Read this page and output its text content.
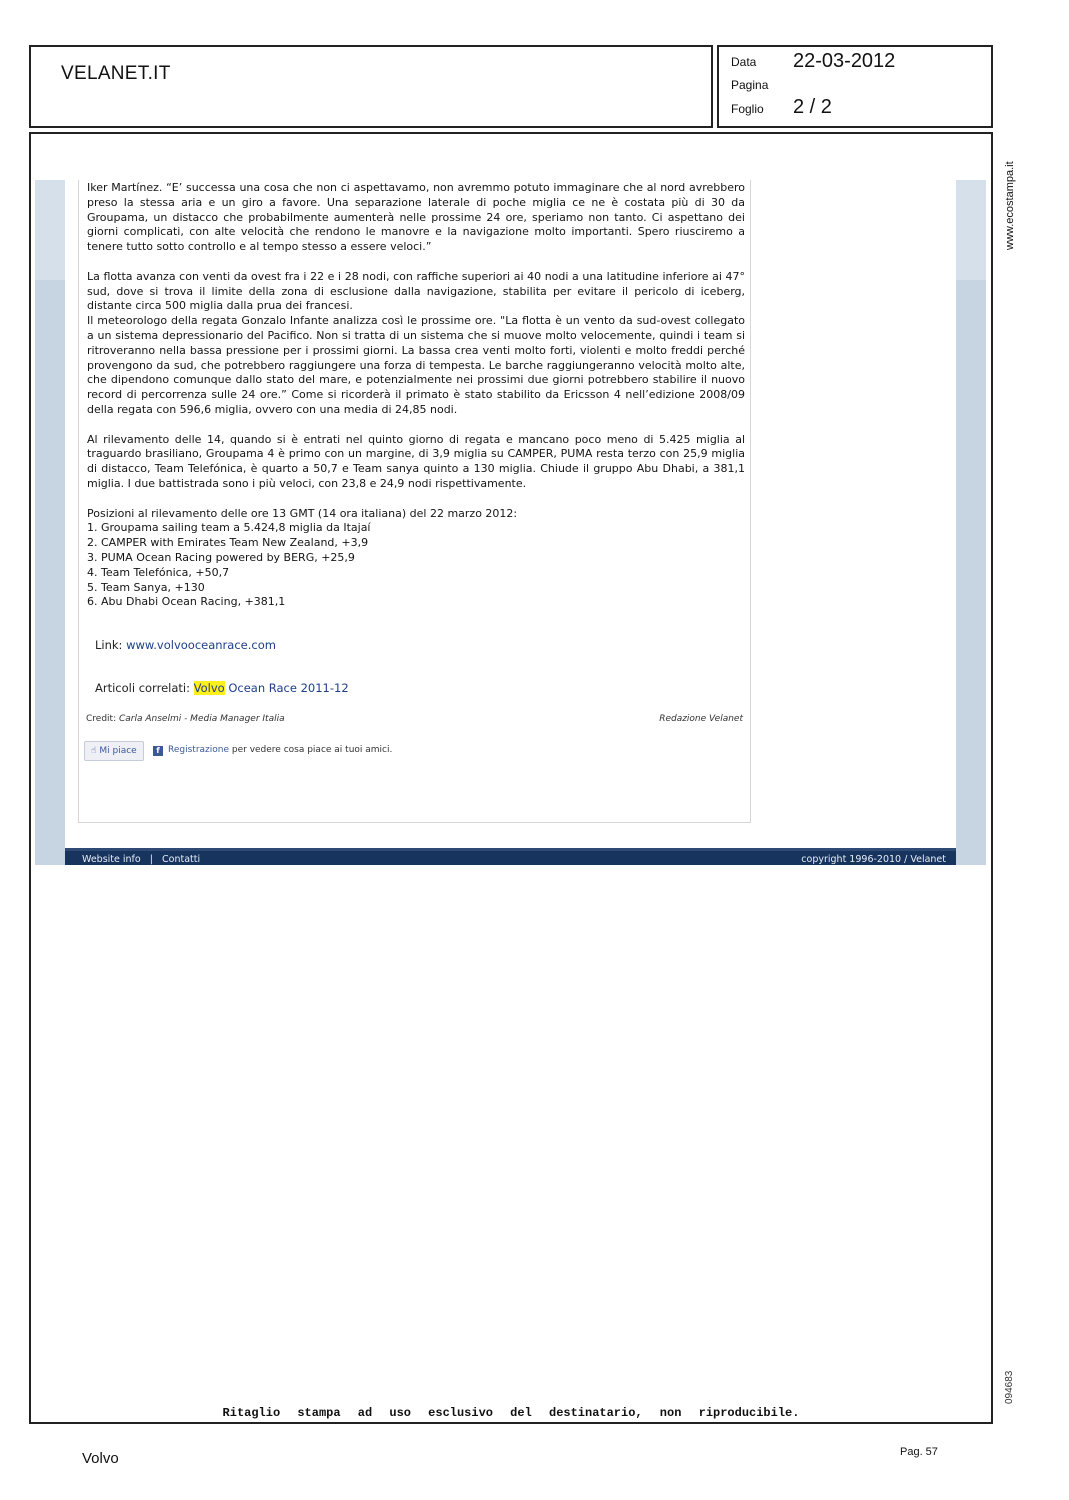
VELANET.IT
Data 22-03-2012
Pagina
Foglio 2 / 2
www.ecostampa.it
094683

Iker Martínez. “E’ successa una cosa che non ci aspettavamo, non avremmo potuto immaginare che al nord avrebbero preso la stessa aria e un giro a favore. Una separazione laterale di poche miglia ce ne è costata più di 30 da Groupama, un distacco che probabilmente aumenterà nelle prossime 24 ore, speriamo non tanto. Ci aspettano dei giorni complicati, con alte velocità che rendono le manovre e la navigazione molto importanti. Spero riusciremo a tenere tutto sotto controllo e al tempo stesso a essere veloci.”

La flotta avanza con venti da ovest fra i 22 e i 28 nodi, con raffiche superiori ai 40 nodi a una latitudine inferiore ai 47° sud, dove si trova il limite della zona di esclusione dalla navigazione, stabilita per evitare il pericolo di iceberg, distante circa 500 miglia dalla prua dei francesi.

Il meteorologo della regata Gonzalo Infante analizza così le prossime ore. "La flotta è un vento da sud-ovest collegato a un sistema depressionario del Pacifico. Non si tratta di un sistema che si muove molto velocemente, quindi i team si ritroveranno nella bassa pressione per i prossimi giorni. La bassa crea venti molto forti, violenti e molto freddi perché provengono da sud, che potrebbero raggiungere una forza di tempesta. Le barche raggiungeranno velocità molto alte, che dipendono comunque dallo stato del mare, e potenzialmente nei prossimi due giorni potrebbero stabilire il nuovo record di percorrenza sulle 24 ore.” Come si ricorderà il primato è stato stabilito da Ericsson 4 nell’edizione 2008/09 della regata con 596,6 miglia, ovvero con una media di 24,85 nodi.

Al rilevamento delle 14, quando si è entrati nel quinto giorno di regata e mancano poco meno di 5.425 miglia al traguardo brasiliano, Groupama 4 è primo con un margine, di 3,9 miglia su CAMPER, PUMA resta terzo con 25,9 miglia di distacco, Team Telefónica, è quarto a 50,7 e Team sanya quinto a 130 miglia. Chiude il gruppo Abu Dhabi, a 381,1 miglia. I due battistrada sono i più veloci, con 23,8 e 24,9 nodi rispettivamente.

Posizioni al rilevamento delle ore 13 GMT (14 ora italiana) del 22 marzo 2012:
1. Groupama sailing team a 5.424,8 miglia da Itajaí
2. CAMPER with Emirates Team New Zealand, +3,9
3. PUMA Ocean Racing powered by BERG, +25,9
4. Team Telefónica, +50,7
5. Team Sanya, +130
6. Abu Dhabi Ocean Racing, +381,1
Link: www.volvooceanrace.com
Articoli correlati: Volvo Ocean Race 2011-12
Credit: Carla Anselmi - Media Manager Italia	Redazione Velanet
☝ Mi piace	f Registrazione per vedere cosa piace ai tuoi amici.
Website info | Contatti	copyright 1996-2010 / Velanet
Ritaglio stampa ad uso esclusivo del destinatario, non riproducibile.
Volvo	Pag. 57
